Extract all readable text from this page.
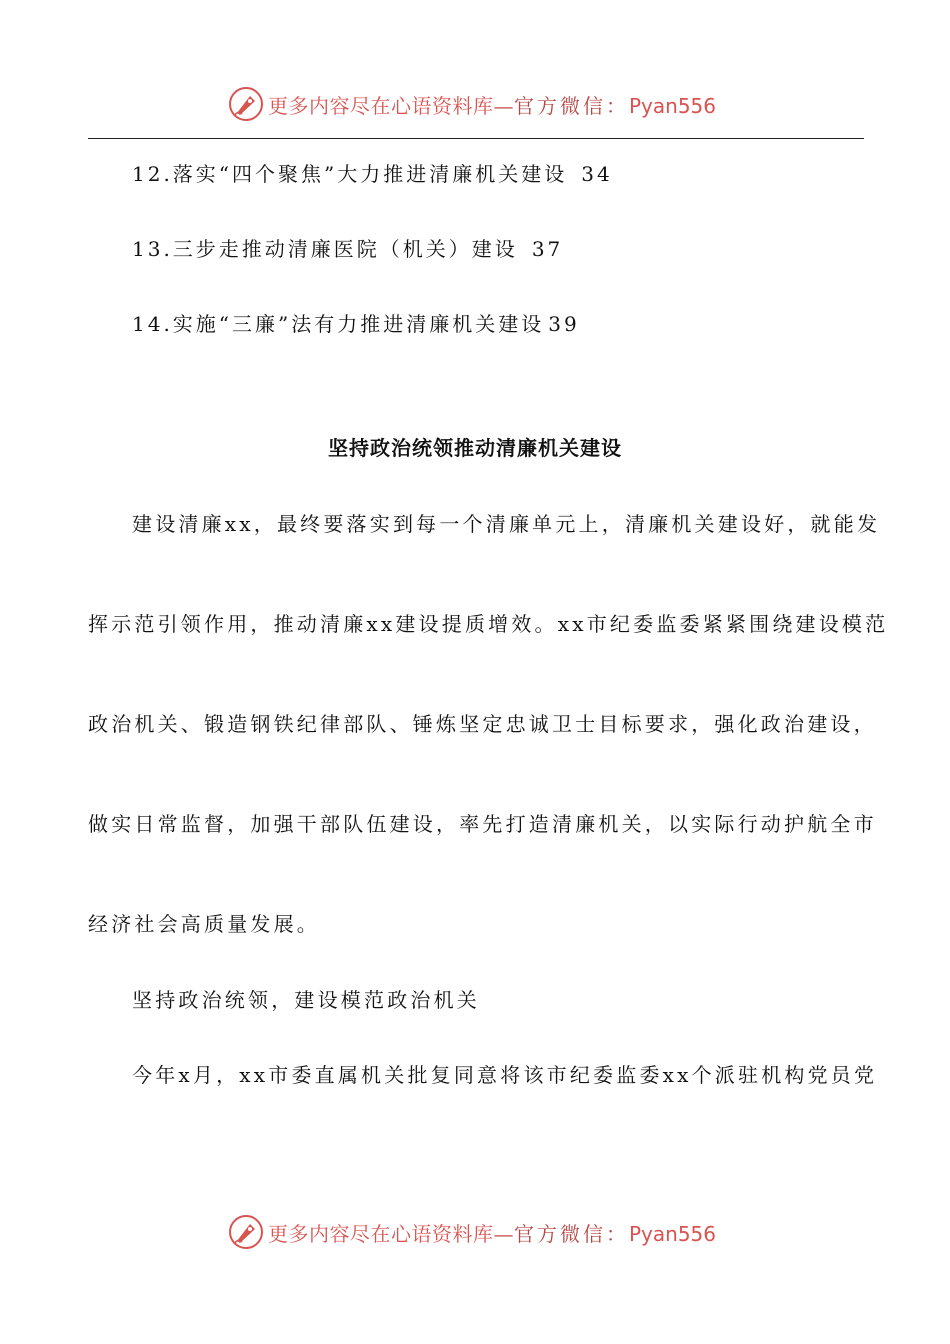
更多内容尽在心语资料库—官方微信：Pyan556
12.落实“四个聚焦”大力推进清廉机关建设 34
13.三步走推动清廉医院（机关）建设 37
14.实施“三廉”法有力推进清廉机关建设 39
坚持政治统领推动清廉机关建设
建设清廉xx，最终要落实到每一个清廉单元上，清廉机关建设好，就能发
挥示范引领作用，推动清廉xx建设提质增效。xx市纪委监委紧紧围绕建设模范
政治机关、锻造钢铁纪律部队、锤炼坚定忠诚卫士目标要求，强化政治建设，
做实日常监督，加强干部队伍建设，率先打造清廉机关，以实际行动护航全市
经济社会高质量发展。
坚持政治统领，建设模范政治机关
今年x月，xx市委直属机关批复同意将该市纪委监委xx个派驻机构党员党
更多内容尽在心语资料库—官方微信：Pyan556
